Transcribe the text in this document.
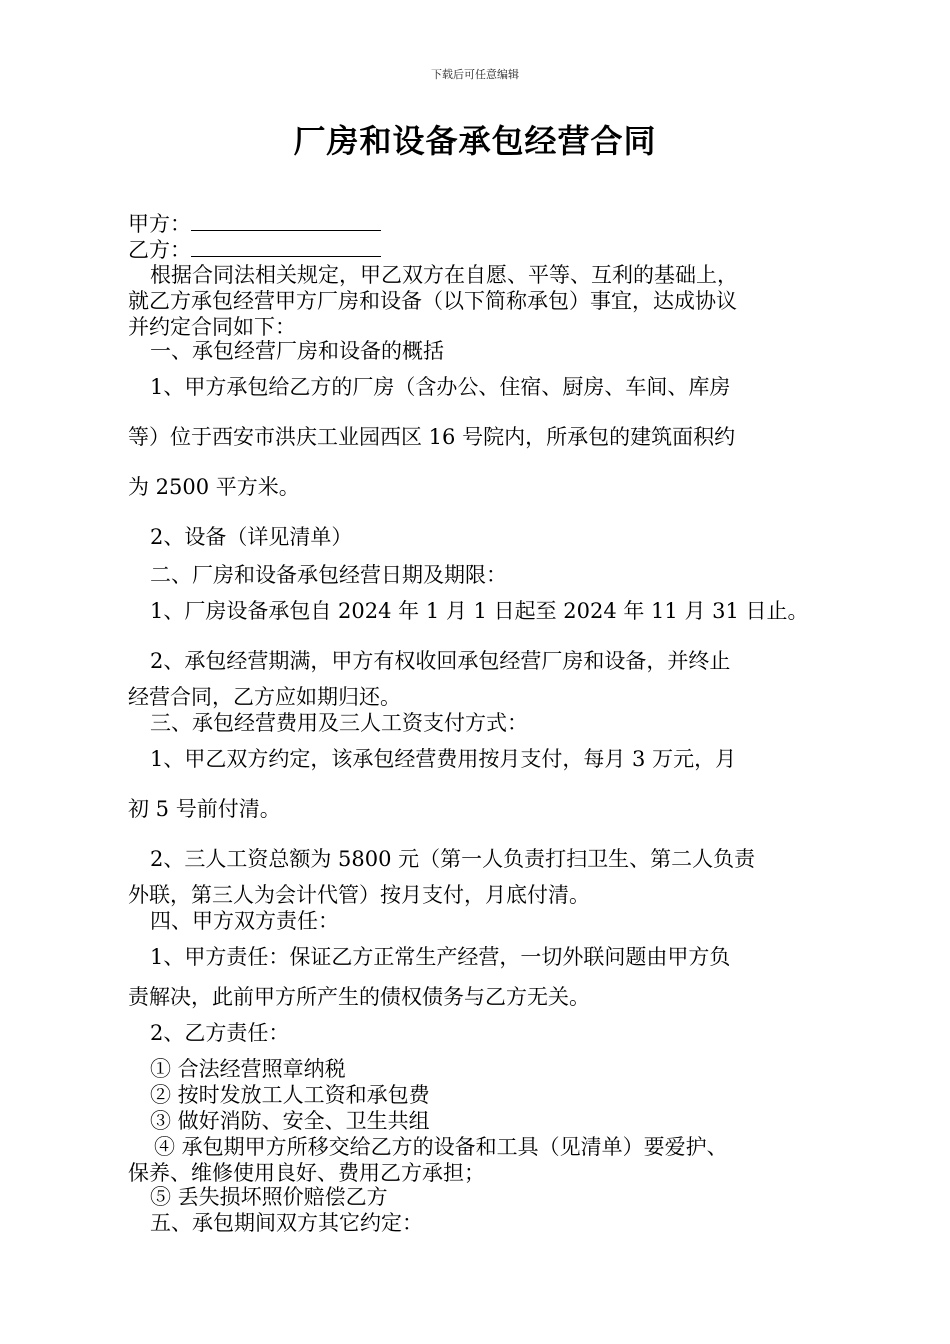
下载后可任意编辑
厂房和设备承包经营合同
甲方：
乙方：
根据合同法相关规定，甲乙双方在自愿、平等、互利的基础上，
就乙方承包经营甲方厂房和设备（以下简称承包）事宜，达成协议
并约定合同如下：
一、承包经营厂房和设备的概括
1、甲方承包给乙方的厂房（含办公、住宿、厨房、车间、库房
等）位于西安市洪庆工业园西区 16 号院内，所承包的建筑面积约
为 2500 平方米。
2、设备（详见清单）
二、厂房和设备承包经营日期及期限：
1、厂房设备承包自 2024 年 1 月 1 日起至 2024 年 11 月 31 日止。
2、承包经营期满，甲方有权收回承包经营厂房和设备，并终止
经营合同，乙方应如期归还。
三、承包经营费用及三人工资支付方式：
1、甲乙双方约定，该承包经营费用按月支付，每月 3 万元，月
初 5 号前付清。
2、三人工资总额为 5800 元（第一人负责打扫卫生、第二人负责
外联，第三人为会计代管）按月支付，月底付清。
四、甲方双方责任：
1、甲方责任：保证乙方正常生产经营，一切外联问题由甲方负
责解决，此前甲方所产生的债权债务与乙方无关。
2、乙方责任：
① 合法经营照章纳税
② 按时发放工人工资和承包费
③ 做好消防、安全、卫生共组
④ 承包期甲方所移交给乙方的设备和工具（见清单）要爱护、
保养、维修使用良好、费用乙方承担；
⑤ 丢失损坏照价赔偿乙方
五、承包期间双方其它约定：
